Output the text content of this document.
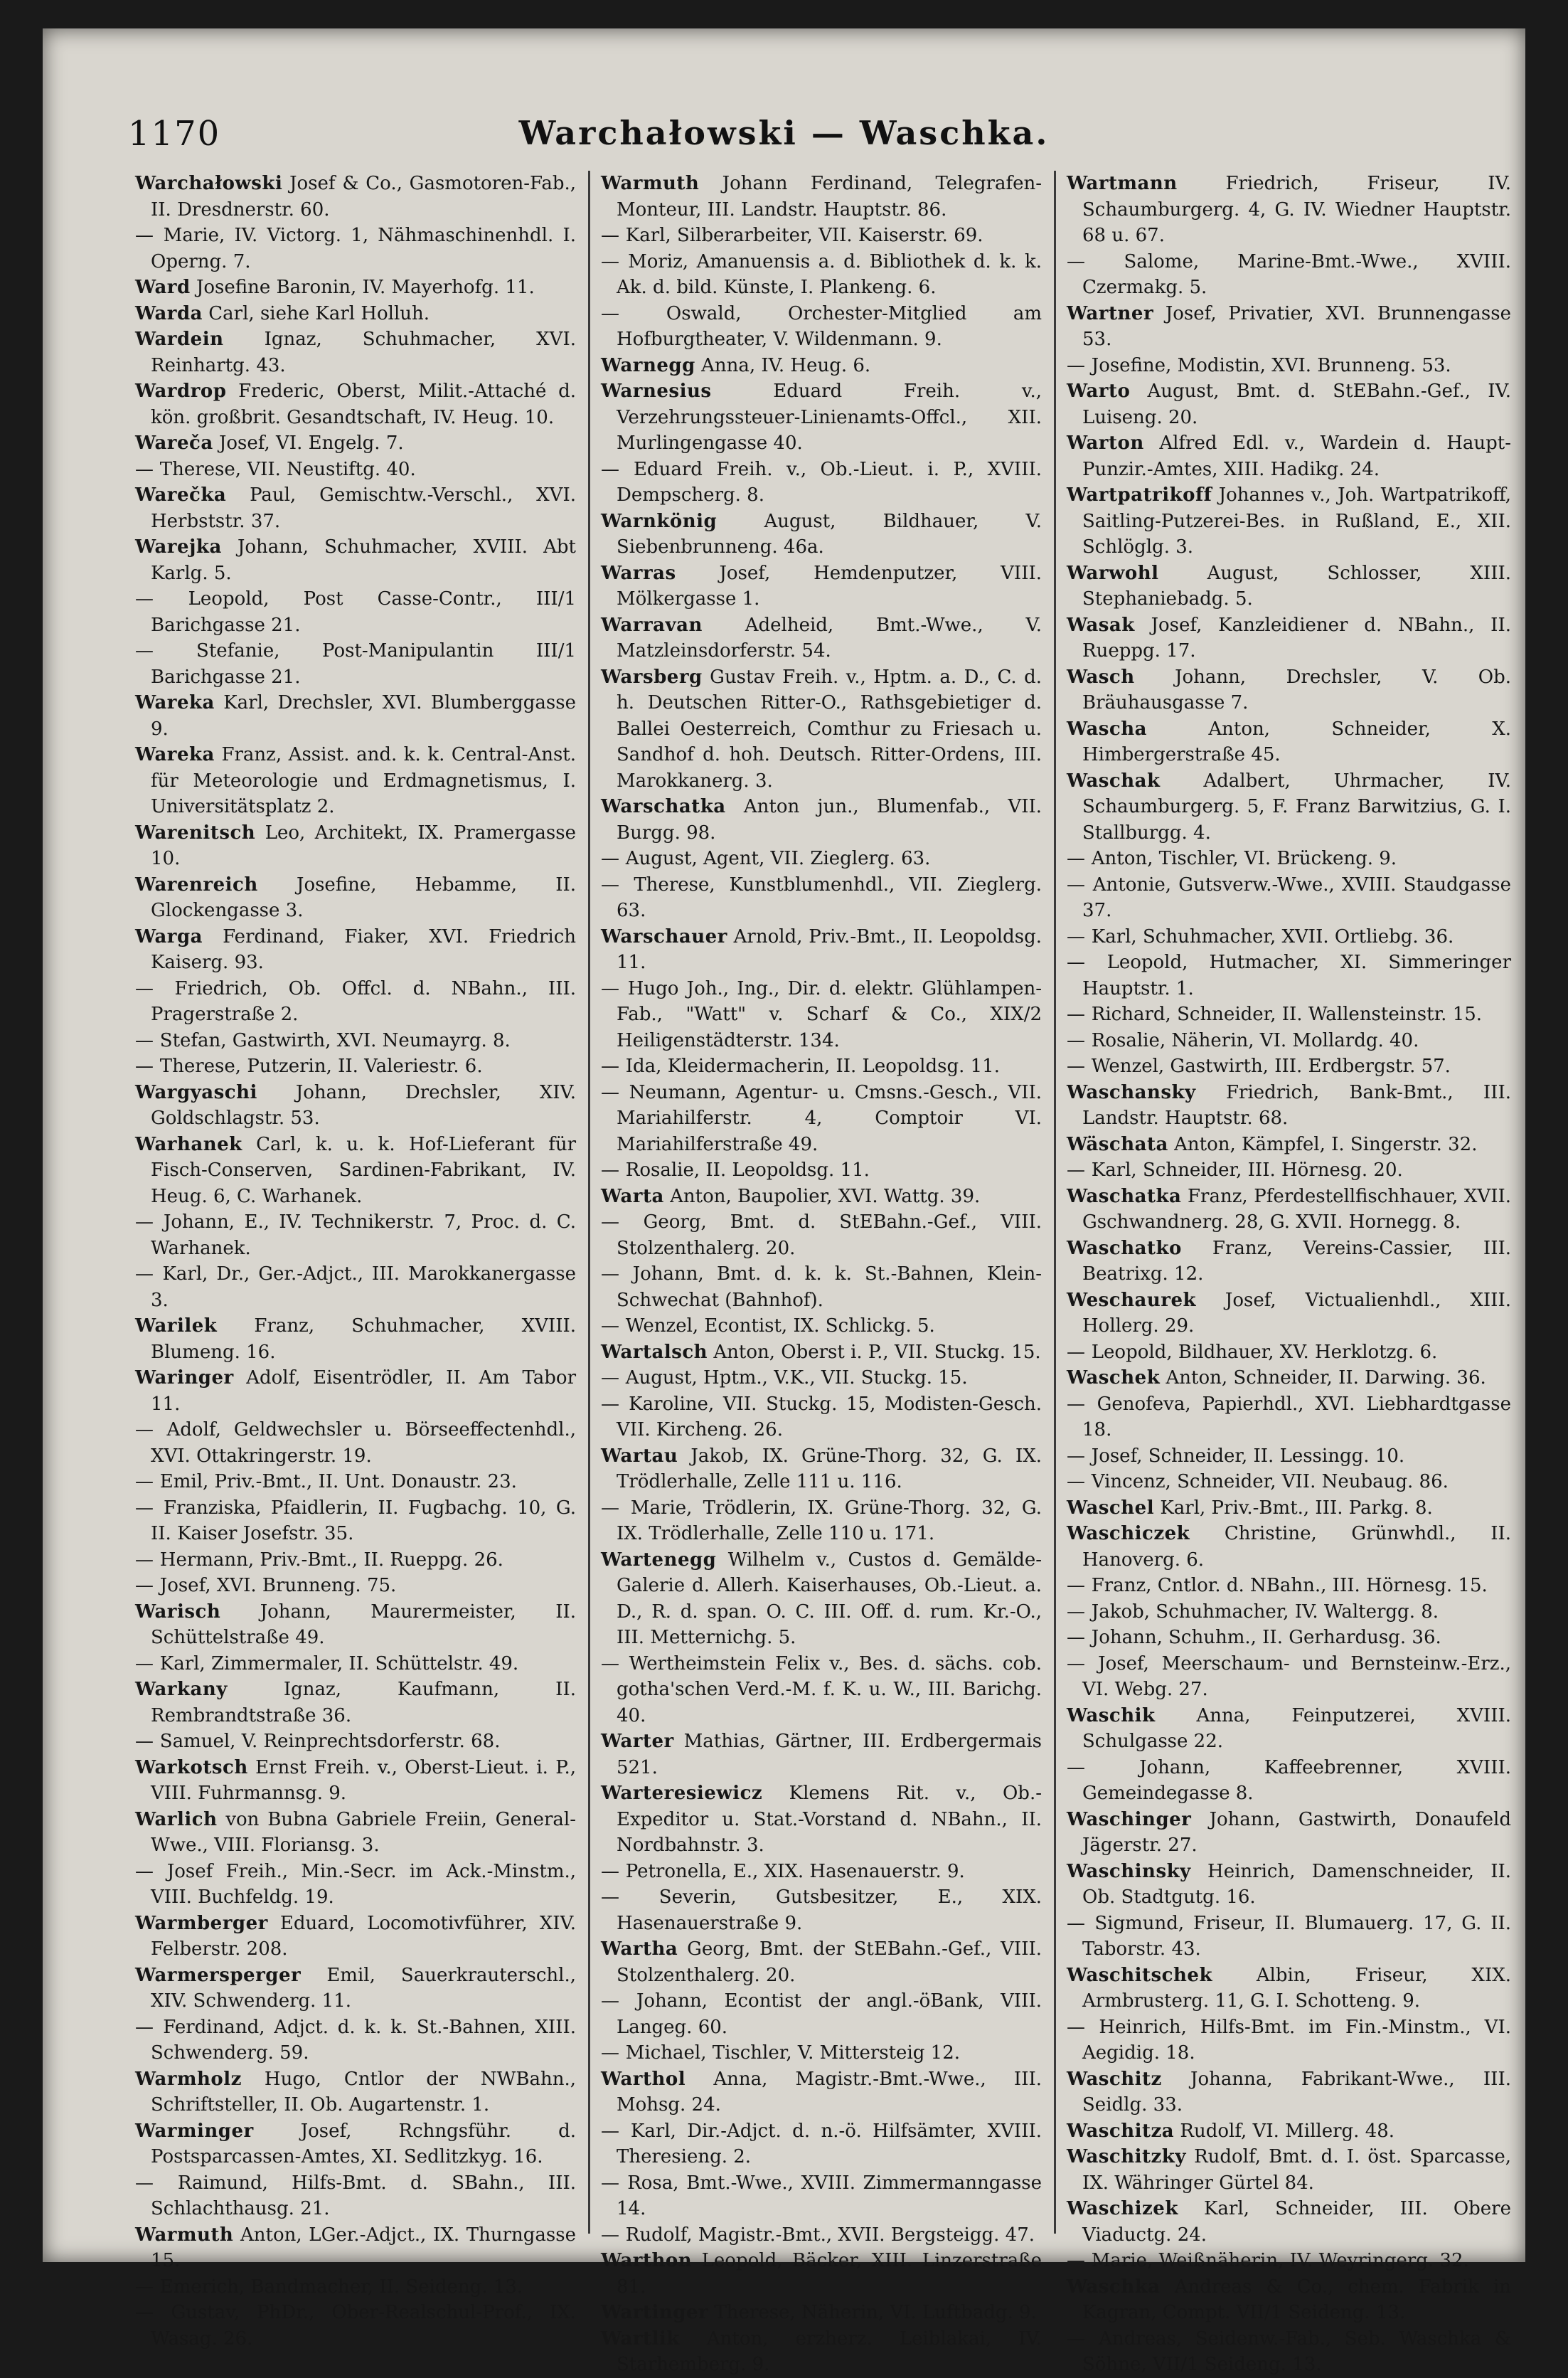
1170	Warchałowski — Waschka.

Warchałowski Josef & Co., Gasmotoren-Fab., II. Dresdnerstr. 60.

— Marie, IV. Victorg. 1, Nähmaschinenhdl. I. Operng. 7.

Ward Josefine Baronin, IV. Mayerhofg. 11.

Warda Carl, siehe Karl Holluh.

Wardein Ignaz, Schuhmacher, XVI. Reinhartg. 43.

Wardrop Frederic, Oberst, Milit.-Attaché d. kön. großbrit. Gesandtschaft, IV. Heug. 10.

Wareča Josef, VI. Engelg. 7.

— Therese, VII. Neustiftg. 40.

Warečka Paul, Gemischtw.-Verschl., XVI. Herbststr. 37.

Warejka Johann, Schuhmacher, XVIII. Abt Karlg. 5.

— Leopold, Post Casse-Contr., III/1 Barichgasse 21.

— Stefanie, Post-Manipulantin III/1 Barichgasse 21.

Wareka Karl, Drechsler, XVI. Blumberggasse 9.

Wareka Franz, Assist. and. k. k. Central-Anst. für Meteorologie und Erdmagnetismus, I. Universitätsplatz 2.

Warenitsch Leo, Architekt, IX. Pramergasse 10.

Warenreich Josefine, Hebamme, II. Glockengasse 3.

Warga Ferdinand, Fiaker, XVI. Friedrich Kaiserg. 93.

— Friedrich, Ob. Offcl. d. NBahn., III. Pragerstraße 2.

— Stefan, Gastwirth, XVI. Neumayrg. 8.

— Therese, Putzerin, II. Valeriestr. 6.

Wargyaschi Johann, Drechsler, XIV. Goldschlagstr. 53.

Warhanek Carl, k. u. k. Hof-Lieferant für Fisch-Conserven, Sardinen-Fabrikant, IV. Heug. 6, C. Warhanek.

— Johann, E., IV. Technikerstr. 7, Proc. d. C. Warhanek.

— Karl, Dr., Ger.-Adjct., III. Marokkanergasse 3.

Warilek Franz, Schuhmacher, XVIII. Blumeng. 16.

Waringer Adolf, Eisentrödler, II. Am Tabor 11.

— Adolf, Geldwechsler u. Börseeffectenhdl., XVI. Ottakringerstr. 19.

— Emil, Priv.-Bmt., II. Unt. Donaustr. 23.

— Franziska, Pfaidlerin, II. Fugbachg. 10, G. II. Kaiser Josefstr. 35.

— Hermann, Priv.-Bmt., II. Rueppg. 26.

— Josef, XVI. Brunneng. 75.

Warisch Johann, Maurermeister, II. Schüttelstraße 49.

— Karl, Zimmermaler, II. Schüttelstr. 49.

Warkany	Ignaz, Kaufmann, II. Rembrandtstraße 36.

— Samuel, V. Reinprechtsdorferstr. 68.

Warkotsch Ernst Freih. v., Oberst-Lieut. i. P., VIII. Fuhrmannsg. 9.

Warlich von Bubna Gabriele Freiin, General-Wwe., VIII. Floriansg. 3.

— Josef Freih., Min.-Secr. im Ack.-Minstm., VIII. Buchfeldg. 19.

Warmberger Eduard, Locomotivführer, XIV. Felberstr. 208.

Warmersperger Emil, Sauerkrauterschl., XIV. Schwenderg. 11.

— Ferdinand, Adjct. d. k. k. St.-Bahnen, XIII. Schwenderg. 59.

Warmholz Hugo, Cntlor der NWBahn., Schriftsteller, II. Ob. Augartenstr. 1.

Warminger	Josef, Rchngsführ. d. Postsparcassen-Amtes, XI. Sedlitzkyg. 16.

— Raimund, Hilfs-Bmt. d. SBahn., III. Schlachthausg. 21.

Warmuth Anton, LGer.-Adjct., IX. Thurngasse 15.

— Emerich, Bandmacher, II. Seideng. 13.

— Gustav, PhDr., Ober-Realschul-Prof., IX. Wasag. 26.

Warmuth Johann Ferdinand, Telegrafen-Monteur, III. Landstr. Hauptstr. 86.

— Karl, Silberarbeiter, VII. Kaiserstr. 69.

— Moriz, Amanuensis a. d. Bibliothek d. k. k. Ak. d. bild. Künste, I. Plankeng. 6.

—	Oswald, Orchester-Mitglied am Hofburgtheater, V. Wildenmann. 9.

Warnegg Anna, IV. Heug. 6.

Warnesius	Eduard Freih. v., Verzehrungssteuer-Linienamts-Offcl., XII. Murlingengasse 40.

— Eduard Freih. v., Ob.-Lieut. i. P., XVIII. Dempscherg. 8.

Warnkönig	August, Bildhauer, V. Siebenbrunneng. 46a.

Warras Josef, Hemdenputzer, VIII. Mölkergasse 1.

Warravan Adelheid, Bmt.-Wwe., V. Matzleinsdorferstr. 54.

Warsberg Gustav Freih. v., Hptm. a. D., C. d. h. Deutschen Ritter-O., Rathsgebietiger d. Ballei Oesterreich, Comthur zu Friesach u. Sandhof d. hoh. Deutsch. Ritter-Ordens, III. Marokkanerg. 3.

Warschatka Anton jun., Blumenfab., VII. Burgg. 98.

— August, Agent, VII. Zieglerg. 63.

— Therese, Kunstblumenhdl., VII. Zieglerg. 63.

Warschauer Arnold, Priv.-Bmt., II. Leopoldsg. 11.

— Hugo Joh., Ing., Dir. d. elektr. Glühlampen-Fab., "Watt" v. Scharf & Co., XIX/2 Heiligenstädterstr. 134.

— Ida, Kleidermacherin, II. Leopoldsg. 11.

— Neumann, Agentur- u. Cmsns.-Gesch., VII. Mariahilferstr. 4, Comptoir VI. Mariahilferstraße 49.

— Rosalie, II. Leopoldsg. 11.

Warta Anton, Baupolier, XVI. Wattg. 39.

— Georg, Bmt. d. StEBahn.-Gef., VIII. Stolzenthalerg. 20.

— Johann, Bmt. d. k. k. St.-Bahnen, Klein-Schwechat (Bahnhof).

— Wenzel, Econtist, IX. Schlickg. 5.

Wartalsch Anton, Oberst i. P., VII. Stuckg. 15.

— August, Hptm., V.K., VII. Stuckg. 15.

— Karoline, VII. Stuckg. 15, Modisten-Gesch. VII. Kircheng. 26.

Wartau Jakob, IX. Grüne-Thorg. 32, G. IX. Trödlerhalle, Zelle 111 u. 116.

— Marie, Trödlerin, IX. Grüne-Thorg. 32, G. IX. Trödlerhalle, Zelle 110 u. 171.

Wartenegg Wilhelm v., Custos d. Gemälde-Galerie d. Allerh. Kaiserhauses, Ob.-Lieut. a. D., R. d. span. O. C. III. Off. d. rum. Kr.-O., III. Metternichg. 5.

— Wertheimstein Felix v., Bes. d. sächs. cob. gotha'schen Verd.-M. f. K. u. W., III. Barichg. 40.

Warter Mathias, Gärtner, III. Erdbergermais 521.

Warteresiewicz Klemens Rit. v., Ob.-Expeditor u. Stat.-Vorstand d. NBahn., II. Nordbahnstr. 3.

— Petronella, E., XIX. Hasenauerstr. 9.

— Severin, Gutsbesitzer, E., XIX. Hasenauerstraße 9.

Wartha Georg, Bmt. der StEBahn.-Gef., VIII. Stolzenthalerg. 20.

— Johann, Econtist der angl.-öBank, VIII. Langeg. 60.

— Michael, Tischler, V. Mittersteig 12.

Warthol Anna, Magistr.-Bmt.-Wwe., III. Mohsg. 24.

— Karl, Dir.-Adjct. d. n.-ö. Hilfsämter, XVIII. Theresieng. 2.

— Rosa, Bmt.-Wwe., XVIII. Zimmermanngasse 14.

— Rudolf, Magistr.-Bmt., XVII. Bergsteigg. 47.

Warthon Leopold, Bäcker, XIII. Linzerstraße 81.

Wartinger Therese, Näherin, VI. Luftbadg. 9.

Wartlik Anton, erzherz. Leiblakai, IV. Starhemberg. 9.

Wartmann	Friedrich, Friseur, IV. Schaumburgerg. 4, G. IV. Wiedner Hauptstr. 68 u. 67.

— Salome, Marine-Bmt.-Wwe., XVIII. Czermakg. 5.

Wartner Josef, Privatier, XVI. Brunnengasse 53.

— Josefine, Modistin, XVI. Brunneng. 53.

Warto August, Bmt. d. StEBahn.-Gef., IV. Luiseng. 20.

Warton Alfred Edl. v., Wardein d. Haupt-Punzir.-Amtes, XIII. Hadikg. 24.

Wartpatrikoff Johannes v., Joh. Wartpatrikoff, Saitling-Putzerei-Bes. in Rußland, E., XII. Schlöglg. 3.

Warwohl	August, Schlosser, XIII. Stephaniebadg. 5.

Wasak Josef, Kanzleidiener d. NBahn., II. Rueppg. 17.

Wasch Johann, Drechsler, V. Ob. Bräuhausgasse 7.

Wascha	Anton, Schneider, X. Himbergerstraße 45.

Waschak Adalbert, Uhrmacher, IV. Schaumburgerg. 5, F. Franz Barwitzius, G. I. Stallburgg. 4.

— Anton, Tischler, VI. Brückeng. 9.

— Antonie, Gutsverw.-Wwe., XVIII. Staudgasse 37.

— Karl, Schuhmacher, XVII. Ortliebg. 36.

— Leopold, Hutmacher, XI. Simmeringer Hauptstr. 1.

— Richard, Schneider, II. Wallensteinstr. 15.

— Rosalie, Näherin, VI. Mollardg. 40.

— Wenzel, Gastwirth, III. Erdbergstr. 57.

Waschansky Friedrich, Bank-Bmt., III. Landstr. Hauptstr. 68.

Wäschata Anton, Kämpfel, I. Singerstr. 32.

— Karl, Schneider, III. Hörnesg. 20.

Waschatka Franz, Pferdestellfischhauer, XVII. Gschwandnerg. 28, G. XVII. Hornegg. 8.

Waschatko Franz, Vereins-Cassier, III. Beatrixg. 12.

Weschaurek Josef, Victualienhdl., XIII. Hollerg. 29.

— Leopold, Bildhauer, XV. Herklotzg. 6.

Waschek Anton, Schneider, II. Darwing. 36.

— Genofeva, Papierhdl., XVI. Liebhardtgasse 18.

— Josef, Schneider, II. Lessingg. 10.

— Vincenz, Schneider, VII. Neubaug. 86.

Waschel Karl, Priv.-Bmt., III. Parkg. 8.

Waschiczek Christine, Grünwhdl., II. Hanoverg. 6.

— Franz, Cntlor. d. NBahn., III. Hörnesg. 15.

— Jakob, Schuhmacher, IV. Waltergg. 8.

— Johann, Schuhm., II. Gerhardusg. 36.

— Josef, Meerschaum- und Bernsteinw.-Erz., VI. Webg. 27.

Waschik Anna, Feinputzerei, XVIII. Schulgasse 22.

—	Johann, Kaffeebrenner, XVIII. Gemeindegasse 8.

Waschinger Johann, Gastwirth, Donaufeld Jägerstr. 27.

Waschinsky Heinrich, Damenschneider, II. Ob. Stadtgutg. 16.

— Sigmund, Friseur, II. Blumauerg. 17, G. II. Taborstr. 43.

Waschitschek Albin, Friseur, XIX. Armbrusterg. 11, G. I. Schotteng. 9.

— Heinrich, Hilfs-Bmt. im Fin.-Minstm., VI. Aegidig. 18.

Waschitz Johanna, Fabrikant-Wwe., III. Seidlg. 33.

Waschitza Rudolf, VI. Millerg. 48.

Waschitzky Rudolf, Bmt. d. I. öst. Sparcasse, IX. Währinger Gürtel 84.

Waschizek Karl, Schneider, III. Obere Viaductg. 24.

— Marie, Weißnäherin, IV. Weyringerg. 32.

Waschka Andreas & Co., chem. Fabrik in Kagran, Compt. VII/1 Seideng. 13.

— Andreas, Seidenw.-Fab., Seb. Waschka & Söhne, VII/1 Seideng. 13.
